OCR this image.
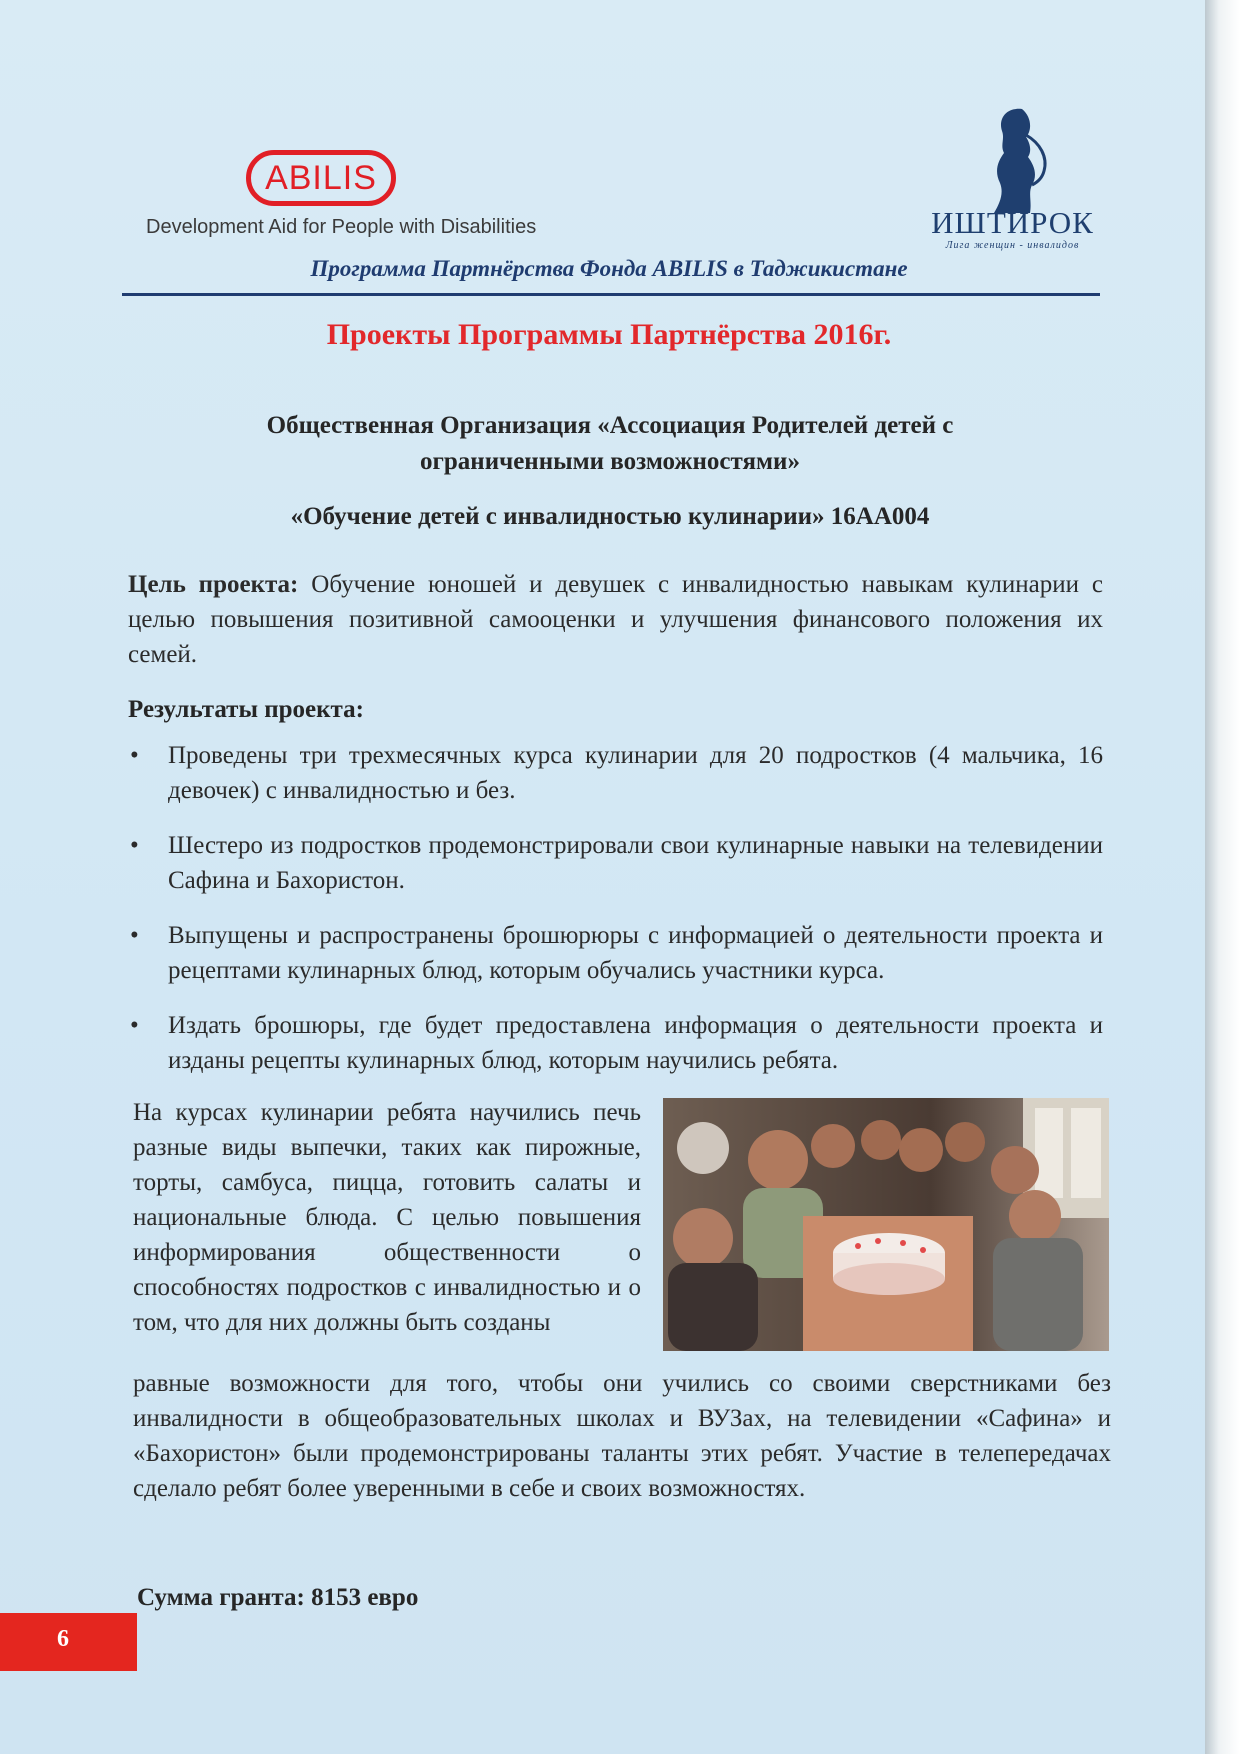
ABILIS
Development Aid for People with Disabilities	ИШТИРОК
Лига женщин - инвалидов
Программа Партнёрства Фонда ABILIS в Таджикистане
Проекты Программы Партнёрства 2016г.
Общественная Организация «Ассоциация Родителей детей с
ограниченными возможностями»
«Обучение детей с инвалидностью кулинарии» 16АА004
Цель проекта: Обучение юношей и девушек с инвалидностью навыкам кулинарии с целью повышения позитивной самооценки и улучшения финансового положения их семей.
Результаты проекта:
• Проведены три трехмесячных курса кулинарии для 20 подростков (4 мальчика, 16 девочек) с инвалидностью и без.
• Шестеро из подростков продемонстрировали свои кулинарные навыки на телевидении Сафина и Бахористон.
• Выпущены и распространены брошюрюры с информацией о деятельности проекта и рецептами кулинарных блюд, которым обучались участники курса.
• Издать брошюры, где будет предоставлена информация о деятельности проекта и изданы рецепты кулинарных блюд, которым научились ребята.
На курсах кулинарии ребята научились печь разные виды выпечки, таких как пирожные, торты, самбуса, пицца, готовить салаты и национальные блюда. С целью повышения информирования общественности о способностях подростков с инвалидностью и о том, что для них должны быть созданы
равные возможности для того, чтобы они учились со своими сверстниками без инвалидности в общеобразовательных школах и ВУЗах, на телевидении «Сафина» и «Бахористон» были продемонстрированы таланты этих ребят. Участие в телепередачах сделало ребят более уверенными в себе и своих возможностях.
Сумма гранта: 8153 евро
6
